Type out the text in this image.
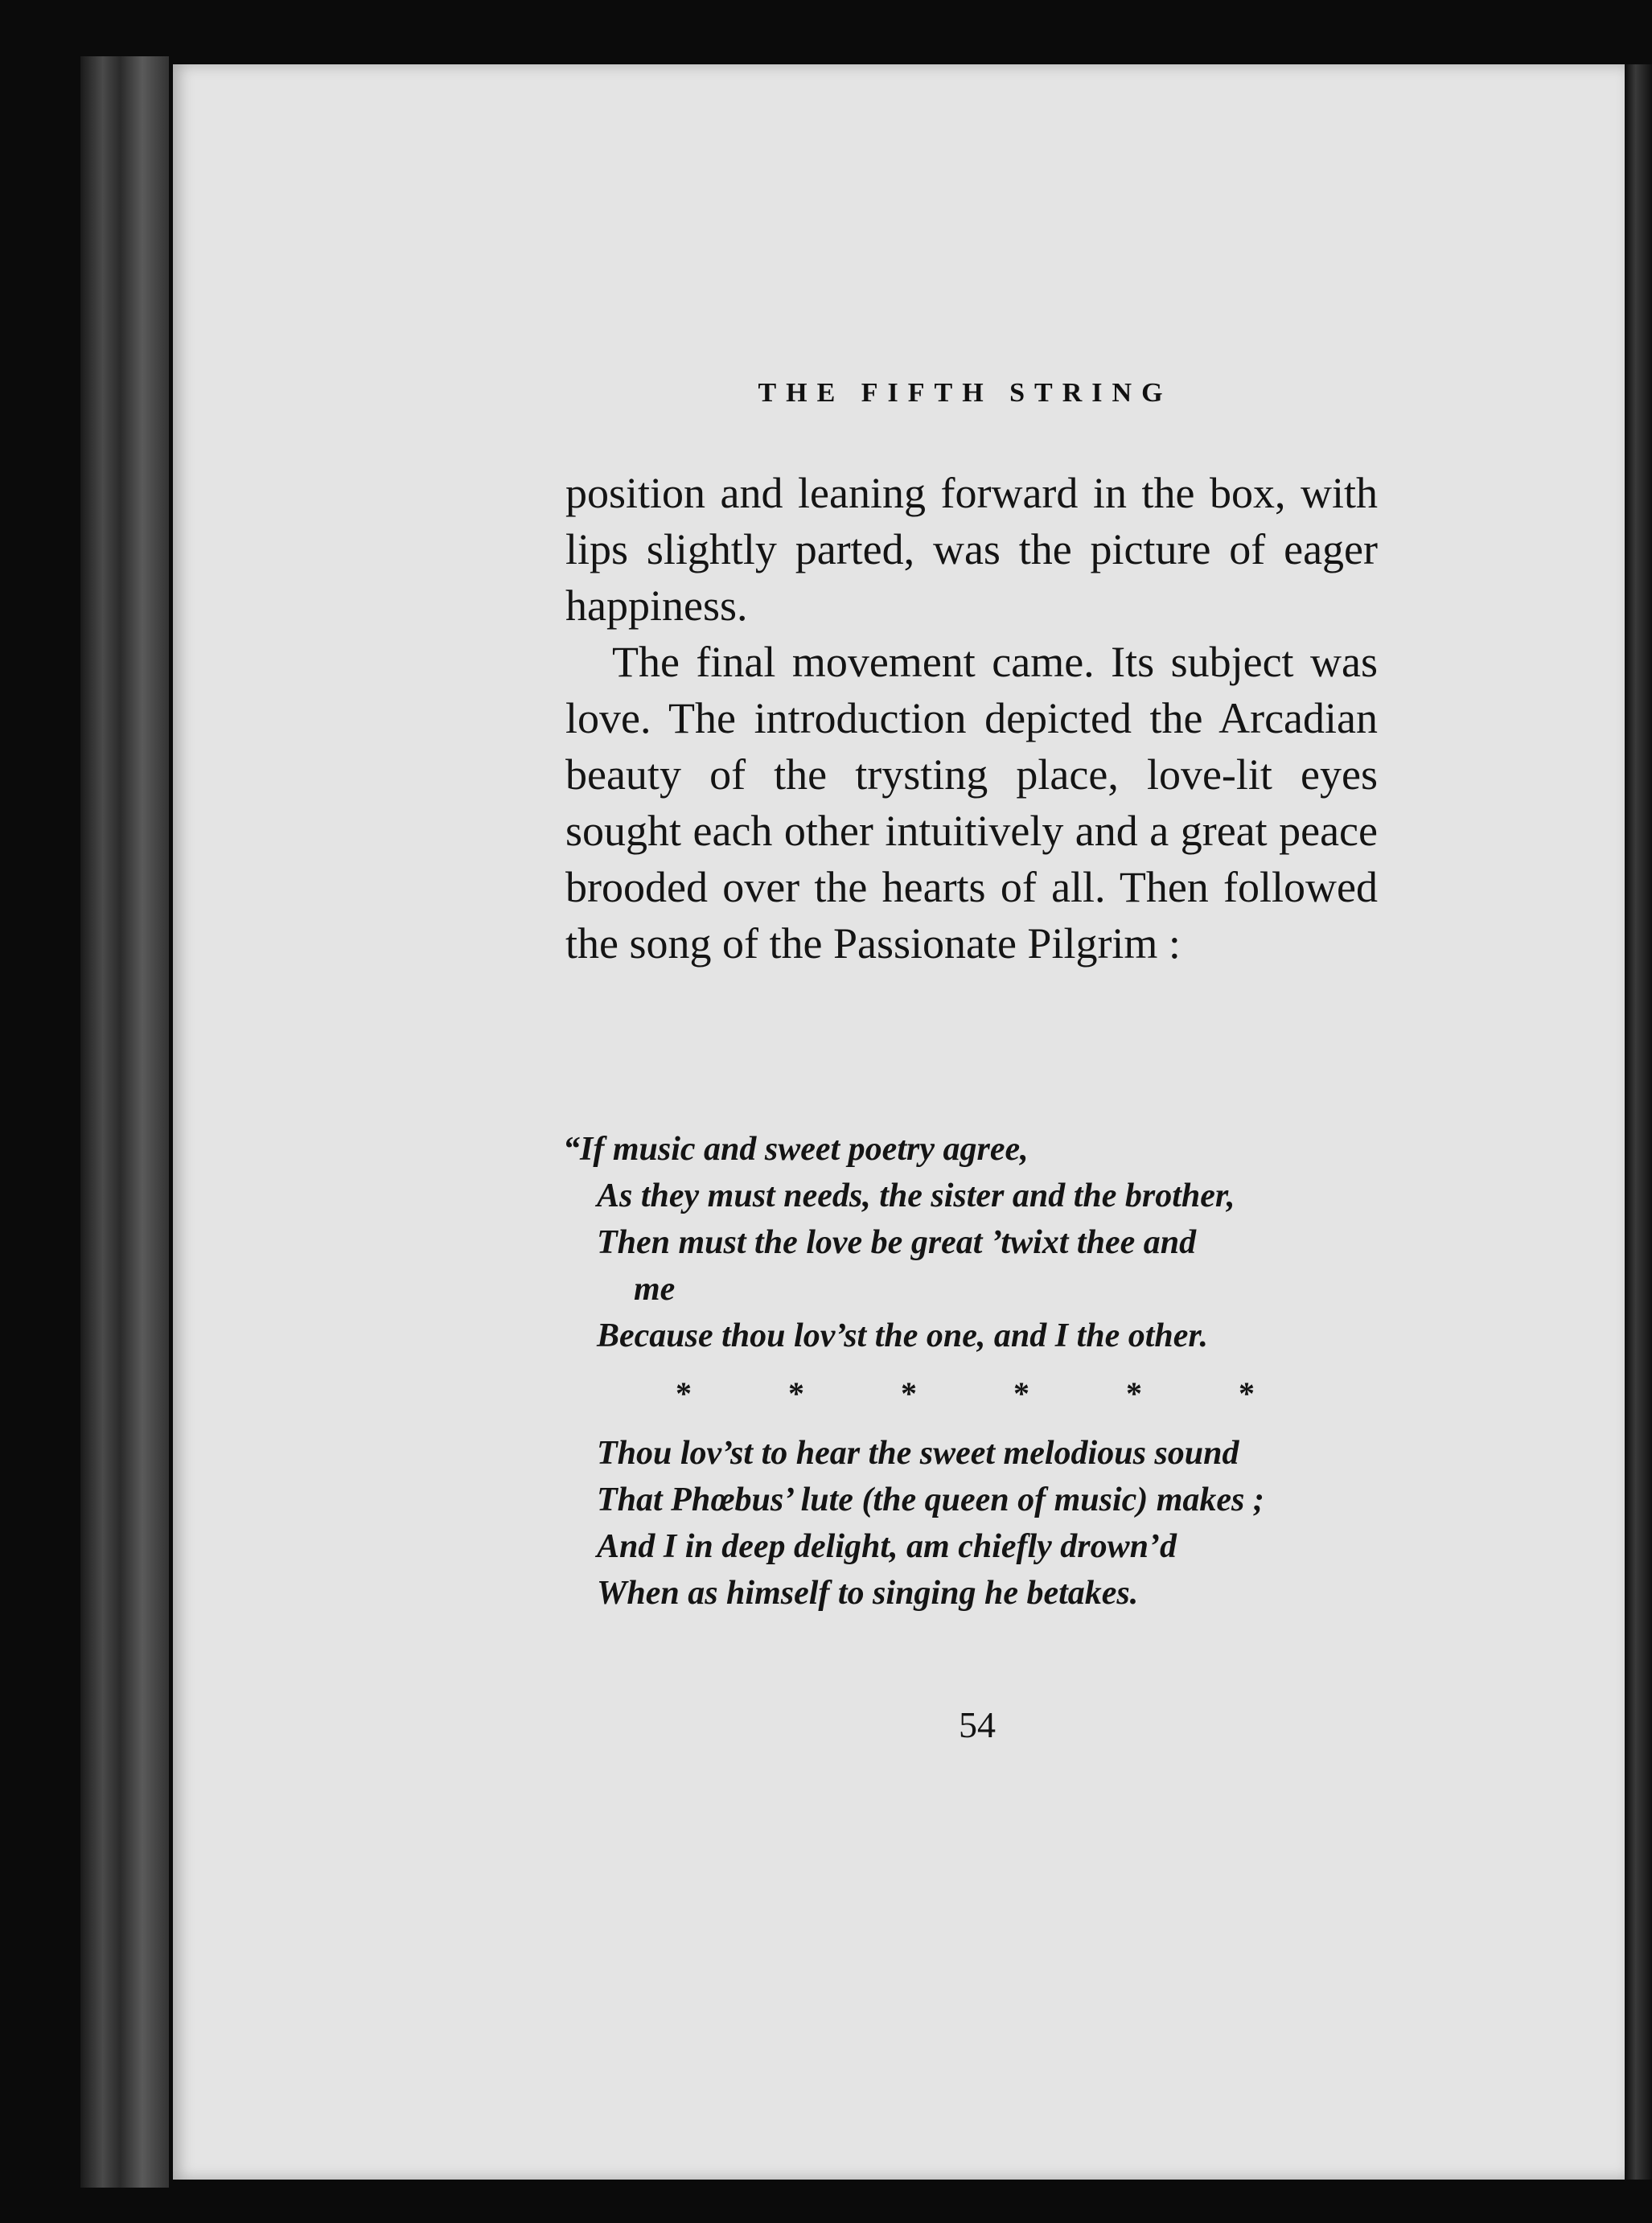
THE FIFTH STRING

position and leaning forward in the box, with lips slightly parted, was the picture of eager happiness.

The final movement came. Its subject was love. The introduction depicted the Arcadian beauty of the trysting place, love-lit eyes sought each other intuitively and a great peace brooded over the hearts of all. Then followed the song of the Passionate Pilgrim :

“If music and sweet poetry agree,
As they must needs, the sister and the brother,
Then must the love be great ’twixt thee and
me
Because thou lov’st the one, and I the other.
*	*	*	*	*	*
Thou lov’st to hear the sweet melodious sound
That Phœbus’ lute (the queen of music) makes ;
And I in deep delight, am chiefly drown’d
When as himself to singing he betakes.
54
